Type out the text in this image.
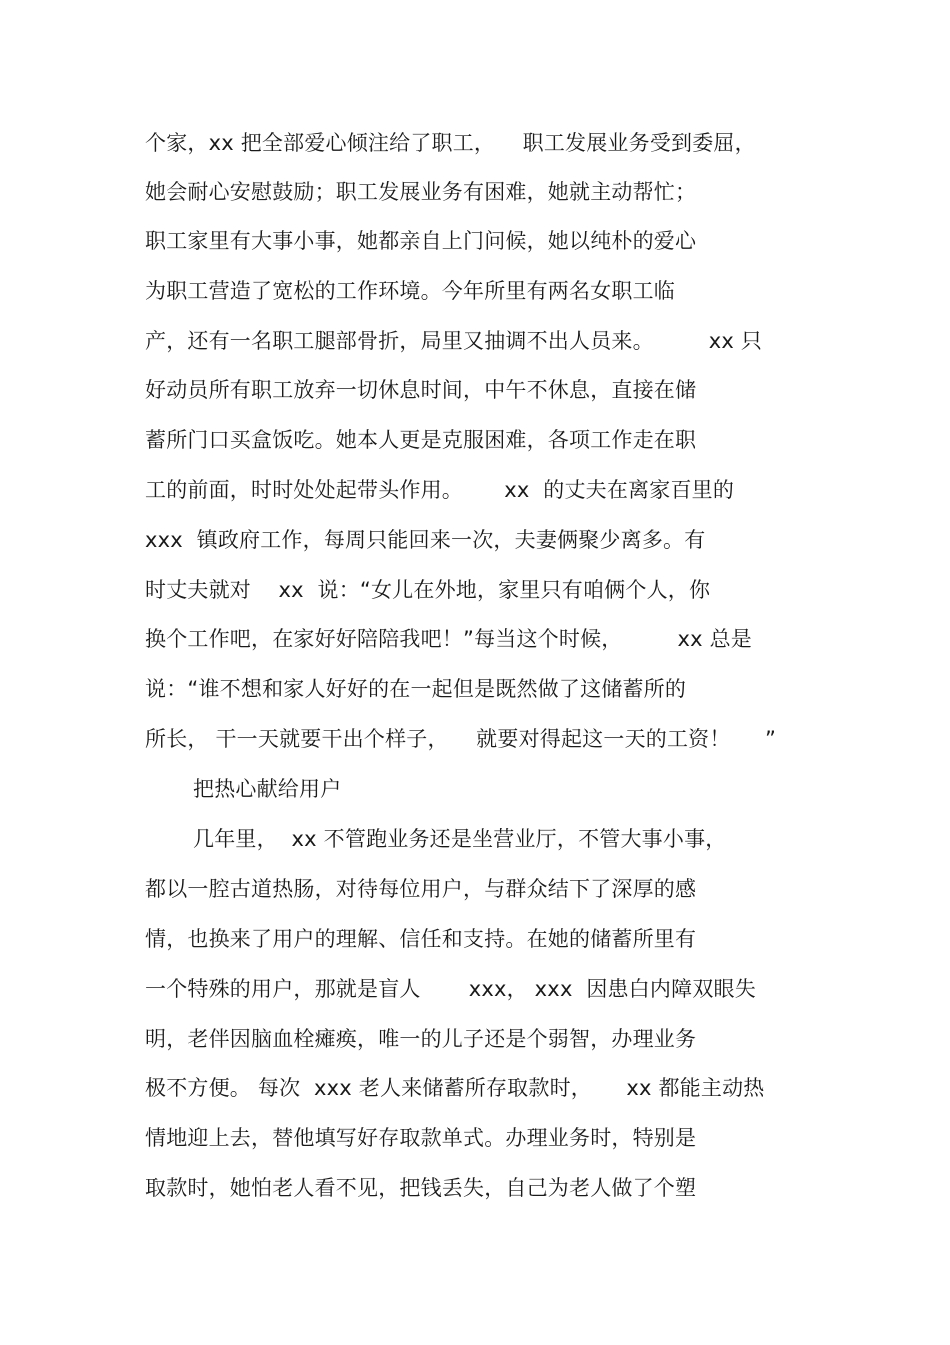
个家，xx 把全部爱心倾注给了职工，    职工发展业务受到委屈，
她会耐心安慰鼓励；职工发展业务有困难，她就主动帮忙；
职工家里有大事小事，她都亲自上门问候，她以纯朴的爱心
为职工营造了宽松的工作环境。今年所里有两名女职工临
产，还有一名职工腿部骨折，局里又抽调不出人员来。        xx 只
好动员所有职工放弃一切休息时间，中午不休息，直接在储
蓄所门口买盒饭吃。她本人更是克服困难，各项工作走在职
工的前面，时时处处起带头作用。      xx  的丈夫在离家百里的
xxx  镇政府工作，每周只能回来一次，夫妻俩聚少离多。有
时丈夫就对    xx  说：“女儿在外地，家里只有咱俩个人，你
换个工作吧，在家好好陪陪我吧！”每当这个时候，        xx 总是
说：“谁不想和家人好好的在一起但是既然做了这储蓄所的
所长， 干一天就要干出个样子，    就要对得起这一天的工资！     ”
把热心献给用户
几年里，  xx 不管跑业务还是坐营业厅，不管大事小事，
都以一腔古道热肠，对待每位用户，与群众结下了深厚的感
情，也换来了用户的理解、信任和支持。在她的储蓄所里有
一个特殊的用户，那就是盲人       xxx， xxx  因患白内障双眼失
明，老伴因脑血栓瘫痪，唯一的儿子还是个弱智，办理业务
极不方便。 每次  xxx 老人来储蓄所存取款时，     xx 都能主动热
情地迎上去，替他填写好存取款单式。办理业务时，特别是
取款时，她怕老人看不见，把钱丢失，自己为老人做了个塑
